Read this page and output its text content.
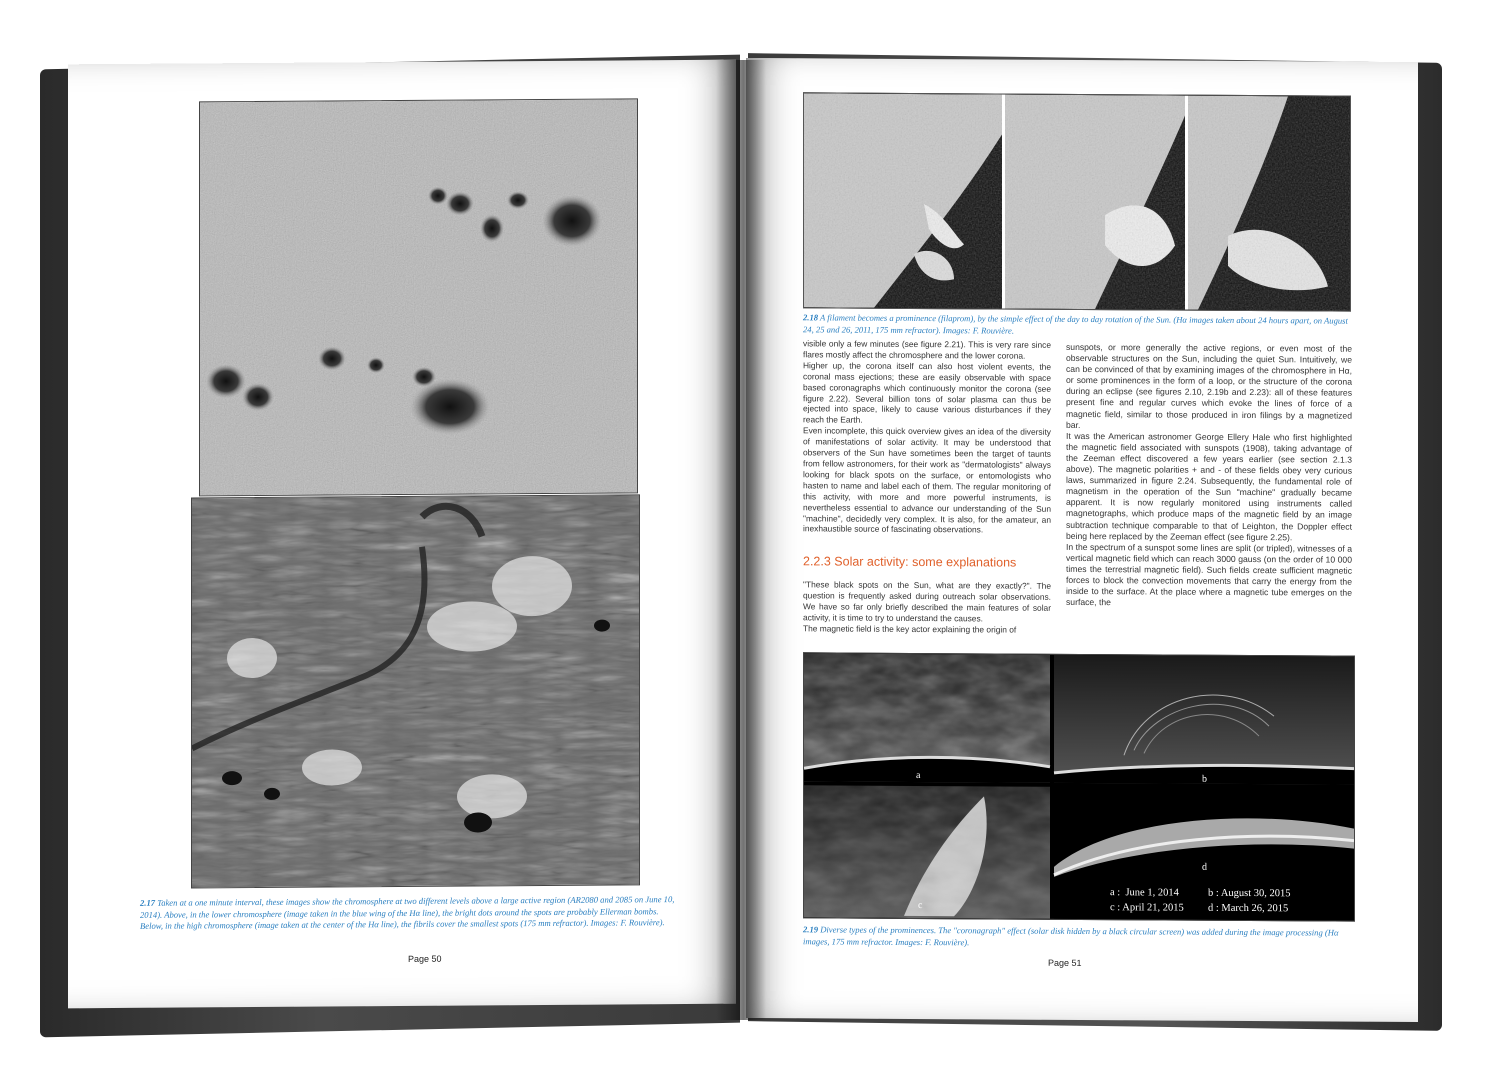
2.17 Taken at a one minute interval, these images show the chromosphere at two different levels above a large active region (AR2080 and 2085 on June 10, 2014). Above, in the lower chromosphere (image taken in the blue wing of the Hα line), the bright dots around the spots are probably Ellerman bombs. Below, in the high chromosphere (image taken at the center of the Hα line), the fibrils cover the smallest spots (175 mm refractor). Images: F. Rouvière).
Page 50
2.18 A filament becomes a prominence (filaprom), by the simple effect of the day to day rotation of the Sun. (Hα images taken about 24 hours apart, on August 24, 25 and 26, 2011, 175 mm refractor). Images: F. Rouvière.

visible only a few minutes (see figure 2.21). This is very rare since flares mostly affect the chromosphere and the lower corona.

Higher up, the corona itself can also host violent events, the coronal mass ejections; these are easily observable with space based coronagraphs which continuously monitor the corona (see figure 2.22). Several billion tons of solar plasma can thus be ejected into space, likely to cause various disturbances if they reach the Earth.

Even incomplete, this quick overview gives an idea of the diversity of manifestations of solar activity. It may be understood that observers of the Sun have sometimes been the target of taunts from fellow astronomers, for their work as "dermatologists" always looking for black spots on the surface, or entomologists who hasten to name and label each of them. The regular monitoring of this activity, with more and more powerful instruments, is nevertheless essential to advance our understanding of the Sun "machine", decidedly very complex. It is also, for the amateur, an inexhaustible source of fascinating observations.

2.2.3 Solar activity: some explanations

"These black spots on the Sun, what are they exactly?". The question is frequently asked during outreach solar observations. We have so far only briefly described the main features of solar activity, it is time to try to understand the causes.

The magnetic field is the key actor explaining the origin of

sunspots, or more generally the active regions, or even most of the observable structures on the Sun, including the quiet Sun. Intuitively, we can be convinced of that by examining images of the chromosphere in Hα, or some prominences in the form of a loop, or the structure of the corona during an eclipse (see figures 2.10, 2.19b and 2.23): all of these features present fine and regular curves which evoke the lines of force of a magnetic field, similar to those produced in iron filings by a magnetized bar.

It was the American astronomer George Ellery Hale who first highlighted the magnetic field associated with sunspots (1908), taking advantage of the Zeeman effect discovered a few years earlier (see section 2.1.3 above). The magnetic polarities + and - of these fields obey very curious laws, summarized in figure 2.24. Subsequently, the fundamental role of magnetism in the operation of the Sun "machine" gradually became apparent. It is now regularly monitored using instruments called magnetographs, which produce maps of the magnetic field by an image subtraction technique comparable to that of Leighton, the Doppler effect being here replaced by the Zeeman effect (see figure 2.25).

In the spectrum of a sunspot some lines are split (or tripled), witnesses of a vertical magnetic field which can reach 3000 gauss (on the order of 10 000 times the terrestrial magnetic field). Such fields create sufficient magnetic forces to block the convection movements that carry the energy from the inside to the surface. At the place where a magnetic tube emerges on the surface, the

a	b
c
d
a :  June 1, 2014
c : April 21, 2015
b : August 30, 2015
d : March 26, 2015
2.19 Diverse types of the prominences. The "coronagraph" effect (solar disk hidden by a black circular screen) was added during the image processing (Hα images, 175 mm refractor. Images: F. Rouvière).
Page 51
